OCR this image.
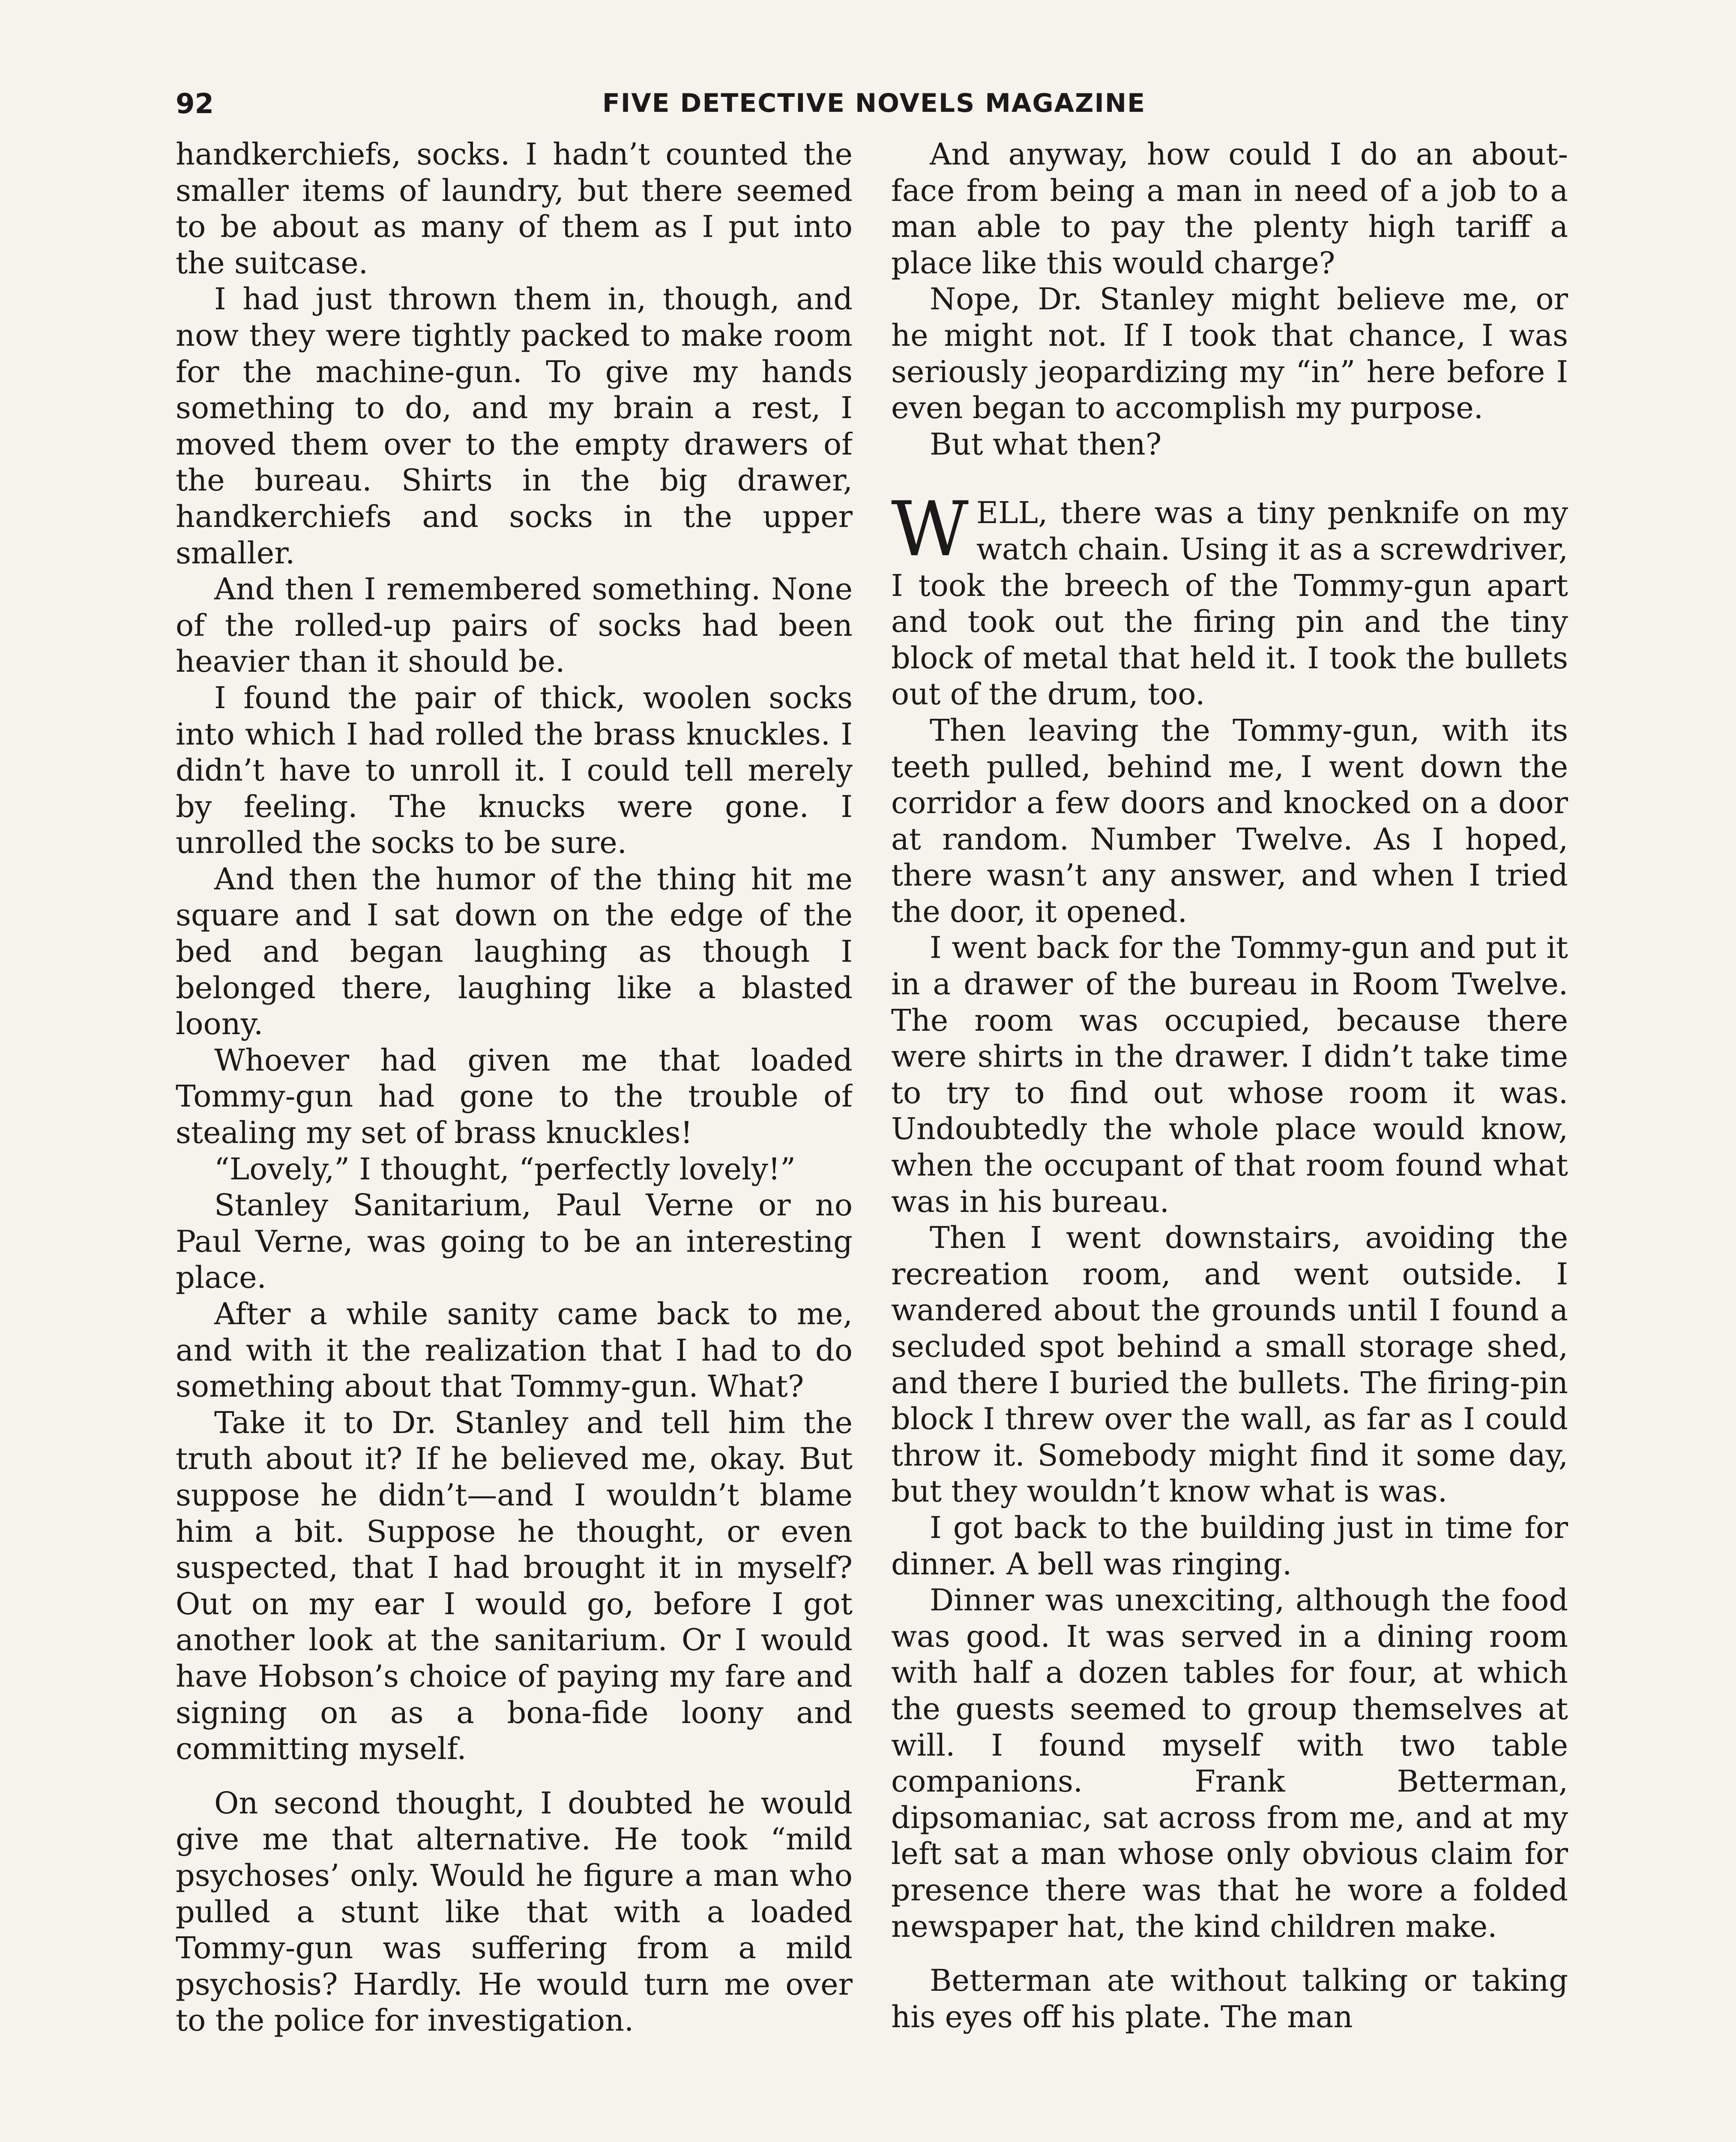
92	FIVE DETECTIVE NOVELS MAGAZINE

handkerchiefs, socks. I hadn’t counted the smaller items of laundry, but there seemed to be about as many of them as I put into the suitcase.

I had just thrown them in, though, and now they were tightly packed to make room for the machine-gun. To give my hands something to do, and my brain a rest, I moved them over to the empty drawers of the bureau. Shirts in the big drawer, handkerchiefs and socks in the upper smaller.

And then I remembered something. None of the rolled-up pairs of socks had been heavier than it should be.

I found the pair of thick, woolen socks into which I had rolled the brass knuckles. I didn’t have to unroll it. I could tell merely by feeling. The knucks were gone. I unrolled the socks to be sure.

And then the humor of the thing hit me square and I sat down on the edge of the bed and began laughing as though I belonged there, laughing like a blasted loony.

Whoever had given me that loaded Tommy-gun had gone to the trouble of stealing my set of brass knuckles!

“Lovely,” I thought, “perfectly lovely!”

Stanley Sanitarium, Paul Verne or no Paul Verne, was going to be an interesting place.

After a while sanity came back to me, and with it the realization that I had to do something about that Tommy-gun. What?

Take it to Dr. Stanley and tell him the truth about it? If he believed me, okay. But suppose he didn’t—and I wouldn’t blame him a bit. Suppose he thought, or even suspected, that I had brought it in myself? Out on my ear I would go, before I got another look at the sanitarium. Or I would have Hobson’s choice of paying my fare and signing on as a bona-fide loony and committing myself.

On second thought, I doubted he would give me that alternative. He took “mild psychoses’ only. Would he figure a man who pulled a stunt like that with a loaded Tommy-gun was suffering from a mild psychosis? Hardly. He would turn me over to the police for investigation.

And anyway, how could I do an about-face from being a man in need of a job to a man able to pay the plenty high tariff a place like this would charge?

Nope, Dr. Stanley might believe me, or he might not. If I took that chance, I was seriously jeopardizing my “in” here before I even began to accomplish my purpose.

But what then?

WELL, there was a tiny penknife on my watch chain. Using it as a screwdriver, I took the breech of the Tommy-gun apart and took out the firing pin and the tiny block of metal that held it. I took the bullets out of the drum, too.

Then leaving the Tommy-gun, with its teeth pulled, behind me, I went down the corridor a few doors and knocked on a door at random. Number Twelve. As I hoped, there wasn’t any answer, and when I tried the door, it opened.

I went back for the Tommy-gun and put it in a drawer of the bureau in Room Twelve. The room was occupied, because there were shirts in the drawer. I didn’t take time to try to find out whose room it was. Undoubtedly the whole place would know, when the occupant of that room found what was in his bureau.

Then I went downstairs, avoiding the recreation room, and went outside. I wandered about the grounds until I found a secluded spot behind a small storage shed, and there I buried the bullets. The firing-pin block I threw over the wall, as far as I could throw it. Somebody might find it some day, but they wouldn’t know what is was.

I got back to the building just in time for dinner. A bell was ringing.

Dinner was unexciting, although the food was good. It was served in a dining room with half a dozen tables for four, at which the guests seemed to group themselves at will. I found myself with two table companions. Frank Betterman, dipsomaniac, sat across from me, and at my left sat a man whose only obvious claim for presence there was that he wore a folded newspaper hat, the kind children make.

Betterman ate without talking or taking his eyes off his plate. The man
